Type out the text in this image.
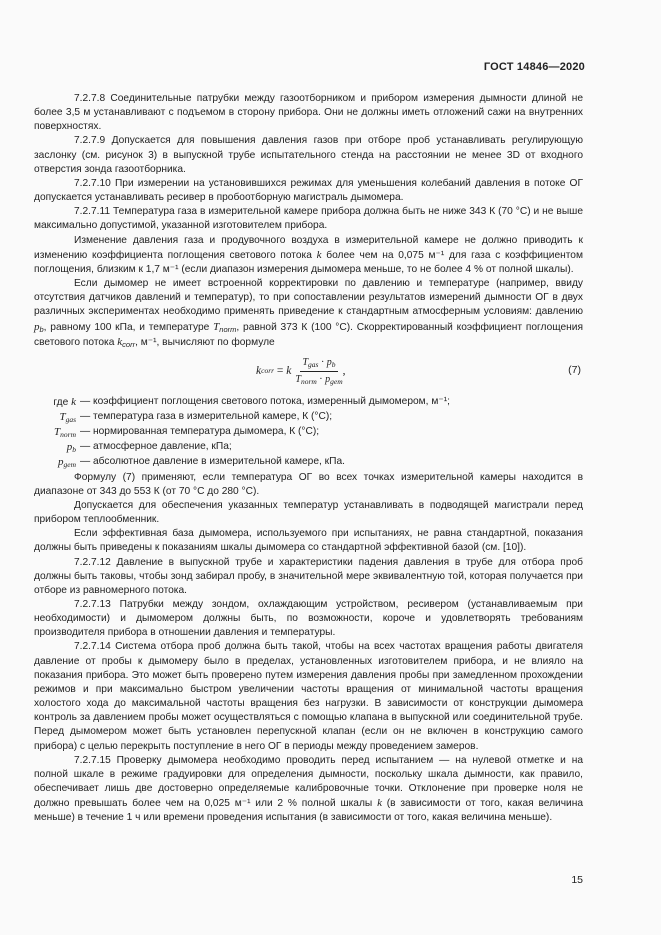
ГОСТ 14846—2020

7.2.7.8 Соединительные патрубки между газоотборником и прибором измерения дымности длиной не более 3,5 м устанавливают с подъемом в сторону прибора. Они не должны иметь отложений сажи на внутренних поверхностях.

7.2.7.9 Допускается для повышения давления газов при отборе проб устанавливать регулирующую заслонку (см. рисунок 3) в выпускной трубе испытательного стенда на расстоянии не менее 3D от входного отверстия зонда газоотборника.

7.2.7.10 При измерении на установившихся режимах для уменьшения колебаний давления в потоке ОГ допускается устанавливать ресивер в пробоотборную магистраль дымомера.

7.2.7.11 Температура газа в измерительной камере прибора должна быть не ниже 343 К (70 °С) и не выше максимально допустимой, указанной изготовителем прибора.

Изменение давления газа и продувочного воздуха в измерительной камере не должно приводить к изменению коэффициента поглощения светового потока k более чем на 0,075 м⁻¹ для газа с коэффициентом поглощения, близким к 1,7 м⁻¹ (если диапазон измерения дымомера меньше, то не более 4 % от полной шкалы).

Если дымомер не имеет встроенной корректировки по давлению и температуре (например, ввиду отсутствия датчиков давлений и температур), то при сопоставлении результатов измерений дымности ОГ в двух различных экспериментах необходимо применять приведение к стандартным атмосферным условиям: давлению $p_b$, равному 100 кПа, и температуре $T_{norm}$, равной 373 К (100 °С). Скорректированный коэффициент поглощения светового потока $k_{corr}$, м⁻¹, вычисляют по формуле

k corr = k $\frac{T_{gas} \cdot p_b}{T_{norm} \cdot p_{gem}}$ ,	(7)
где k — коэффициент поглощения светового потока, измеренный дымомером, м⁻¹;
$T_{gas}$ — температура газа в измерительной камере, К (°С);
$T_{norm}$ — нормированная температура дымомера, К (°С);
$p_b$ — атмосферное давление, кПа;
$p_{gem}$ — абсолютное давление в измерительной камере, кПа.

Формулу (7) применяют, если температура ОГ во всех точках измерительной камеры находится в диапазоне от 343 до 553 К (от 70 °С до 280 °С).

Допускается для обеспечения указанных температур устанавливать в подводящей магистрали перед прибором теплообменник.

Если эффективная база дымомера, используемого при испытаниях, не равна стандартной, показания должны быть приведены к показаниям шкалы дымомера со стандартной эффективной базой (см. [10]).

7.2.7.12 Давление в выпускной трубе и характеристики падения давления в трубе для отбора проб должны быть таковы, чтобы зонд забирал пробу, в значительной мере эквивалентную той, которая получается при отборе из равномерного потока.

7.2.7.13 Патрубки между зондом, охлаждающим устройством, ресивером (устанавливаемым при необходимости) и дымомером должны быть, по возможности, короче и удовлетворять требованиям производителя прибора в отношении давления и температуры.

7.2.7.14 Система отбора проб должна быть такой, чтобы на всех частотах вращения работы двигателя давление от пробы к дымомеру было в пределах, установленных изготовителем прибора, и не влияло на показания прибора. Это может быть проверено путем измерения давления пробы при замедленном прохождении режимов и при максимально быстром увеличении частоты вращения от минимальной частоты вращения холостого хода до максимальной частоты вращения без нагрузки. В зависимости от конструкции дымомера контроль за давлением пробы может осуществляться с помощью клапана в выпускной или соединительной трубе. Перед дымомером может быть установлен перепускной клапан (если он не включен в конструкцию самого прибора) с целью перекрыть поступление в него ОГ в периоды между проведением замеров.

7.2.7.15 Проверку дымомера необходимо проводить перед испытанием — на нулевой отметке и на полной шкале в режиме градуировки для определения дымности, поскольку шкала дымности, как правило, обеспечивает лишь две достоверно определяемые калибровочные точки. Отклонение при проверке ноля не должно превышать более чем на 0,025 м⁻¹ или 2 % полной шкалы k (в зависимости от того, какая величина меньше) в течение 1 ч или времени проведения испытания (в зависимости от того, какая величина меньше).

15
